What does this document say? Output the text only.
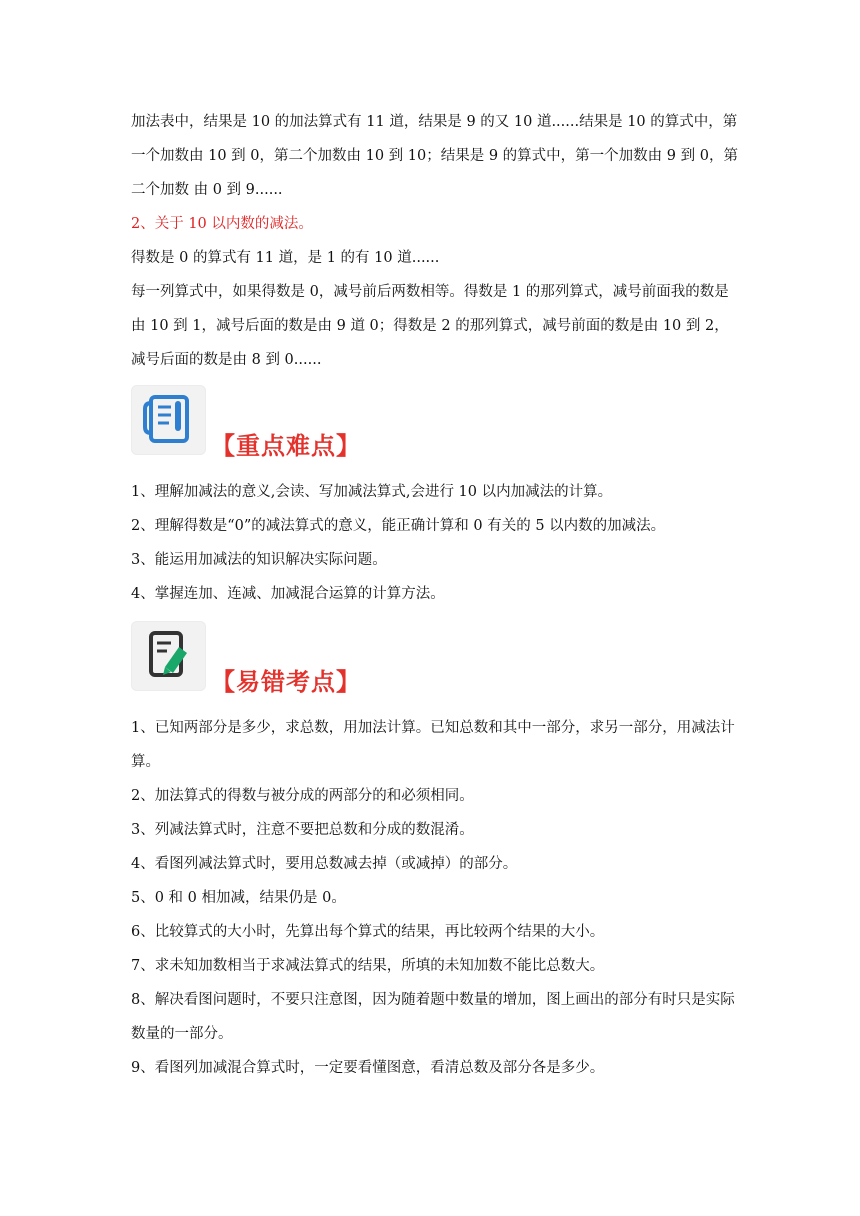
加法表中，结果是 10 的加法算式有 11 道，结果是 9 的又 10 道......结果是 10 的算式中，第一个加数由 10 到 0，第二个加数由 10 到 10；结果是 9 的算式中，第一个加数由 9 到 0，第二个加数 由 0 到 9......

2、关于 10 以内数的减法。

得数是 0 的算式有 11 道，是 1 的有 10 道......

每一列算式中，如果得数是 0，减号前后两数相等。得数是 1 的那列算式，减号前面我的数是由 10 到 1，减号后面的数是由 9 道 0；得数是 2 的那列算式，减号前面的数是由 10 到 2，减号后面的数是由 8 到 0......

【重点难点】

1、理解加减法的意义,会读、写加减法算式,会进行 10 以内加减法的计算。

2、理解得数是“0”的减法算式的意义，能正确计算和 0 有关的 5 以内数的加减法。

3、能运用加减法的知识解决实际问题。

4、掌握连加、连减、加减混合运算的计算方法。

【易错考点】

1、已知两部分是多少，求总数，用加法计算。已知总数和其中一部分，求另一部分，用减法计算。

2、加法算式的得数与被分成的两部分的和必须相同。

3、列减法算式时，注意不要把总数和分成的数混淆。

4、看图列减法算式时，要用总数减去掉（或减掉）的部分。

5、0 和 0 相加减，结果仍是 0。

6、比较算式的大小时，先算出每个算式的结果，再比较两个结果的大小。

7、求未知加数相当于求减法算式的结果，所填的未知加数不能比总数大。

8、解决看图问题时，不要只注意图，因为随着题中数量的增加，图上画出的部分有时只是实际数量的一部分。

9、看图列加减混合算式时，一定要看懂图意，看清总数及部分各是多少。
